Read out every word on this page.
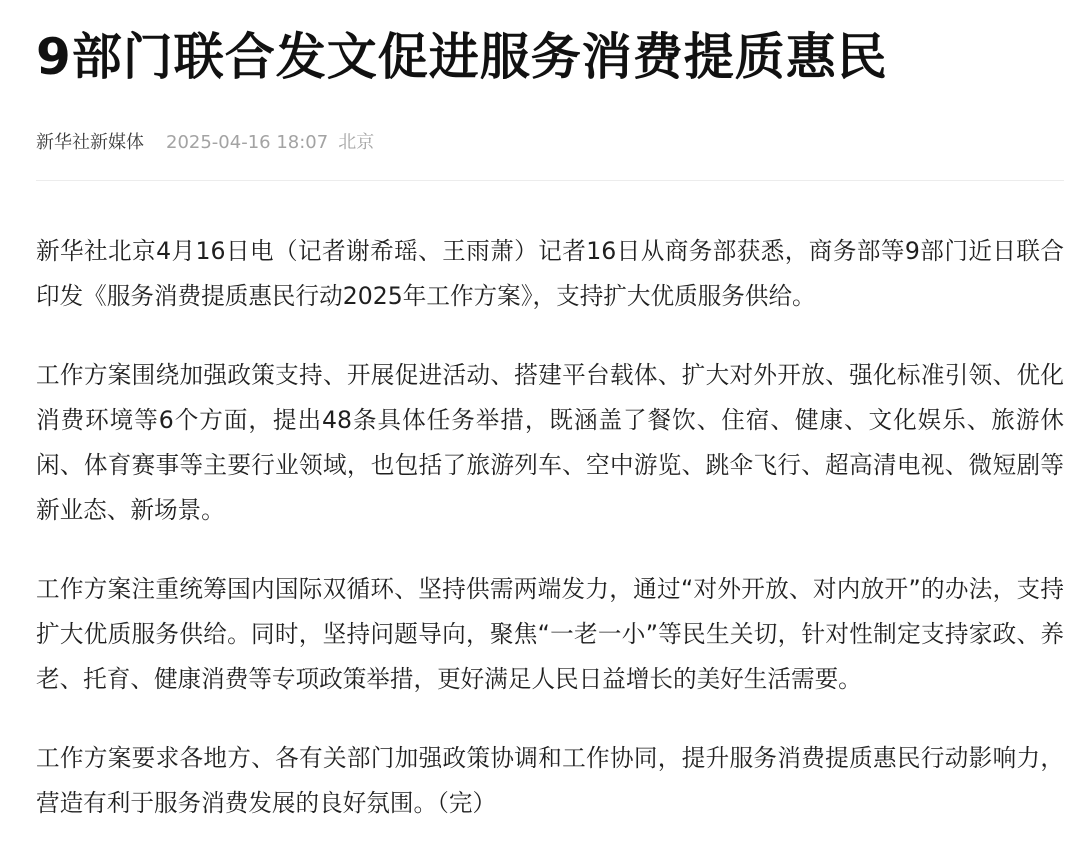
9部门联合发文促进服务消费提质惠民
新华社新媒体 2025-04-16 18:07 北京

新华社北京4月16日电（记者谢希瑶、王雨萧）记者16日从商务部获悉，商务部等9部门近日联合印发《服务消费提质惠民行动2025年工作方案》，支持扩大优质服务供给。

工作方案围绕加强政策支持、开展促进活动、搭建平台载体、扩大对外开放、强化标准引领、优化消费环境等6个方面，提出48条具体任务举措，既涵盖了餐饮、住宿、健康、文化娱乐、旅游休闲、体育赛事等主要行业领域，也包括了旅游列车、空中游览、跳伞飞行、超高清电视、微短剧等新业态、新场景。

工作方案注重统筹国内国际双循环、坚持供需两端发力，通过“对外开放、对内放开”的办法，支持扩大优质服务供给。同时，坚持问题导向，聚焦“一老一小”等民生关切，针对性制定支持家政、养老、托育、健康消费等专项政策举措，更好满足人民日益增长的美好生活需要。

工作方案要求各地方、各有关部门加强政策协调和工作协同，提升服务消费提质惠民行动影响力，营造有利于服务消费发展的良好氛围。（完）
